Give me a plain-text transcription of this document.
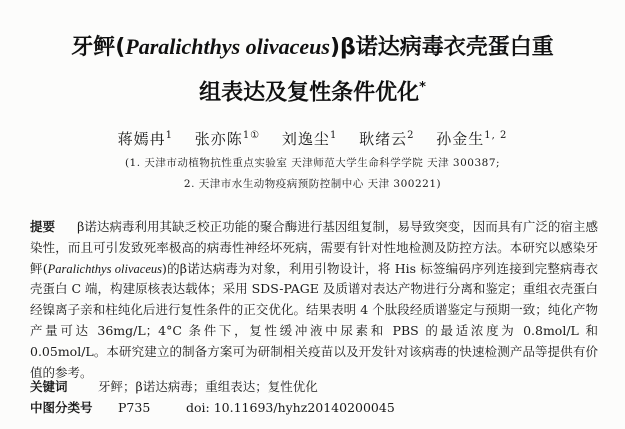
牙鲆(Paralichthys olivaceus)β诺达病毒衣壳蛋白重
组表达及复性条件优化*
蒋嫣冉$^1$ 张亦陈$^{1①}$ 刘逸尘$^1$ 耿绪云$^2$ 孙金生$^{1, 2}$
(1. 天津市动植物抗性重点实验室 天津师范大学生命科学学院 天津 300387;
2. 天津市水生动物疫病预防控制中心 天津 300221)
提要 β诺达病毒利用其缺乏校正功能的聚合酶进行基因组复制，易导致突变，因而具有广泛的宿主感染性，而且可引发致死率极高的病毒性神经坏死病，需要有针对性地检测及防控方法。本研究以感染牙鲆(Paralichthys olivaceus)的β诺达病毒为对象，利用引物设计，将 His 标签编码序列连接到完整病毒衣壳蛋白 C 端，构建原核表达载体；采用 SDS-PAGE 及质谱对表达产物进行分离和鉴定；重组衣壳蛋白经镍离子亲和柱纯化后进行复性条件的正交优化。结果表明 4 个肽段经质谱鉴定与预期一致；纯化产物产量可达 36mg/L；4°C 条件下，复性缓冲液中尿素和 PBS 的最适浓度为 0.8mol/L 和 0.05mol/L。本研究建立的制备方案可为研制相关疫苗以及开发针对该病毒的快速检测产品等提供有价值的参考。
关键词 牙鲆；β诺达病毒；重组表达；复性优化
中图分类号 P735	doi: 10.11693/hyhz20140200045
